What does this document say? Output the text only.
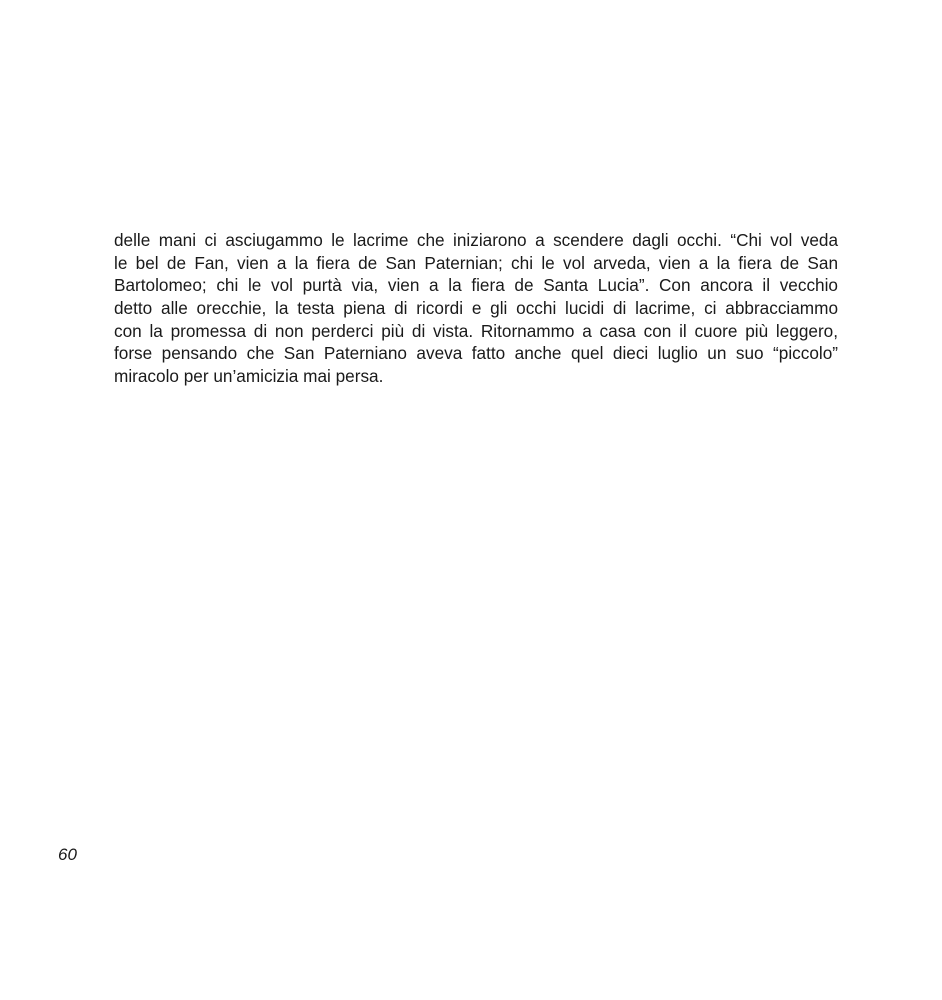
delle mani ci asciugammo le lacrime che iniziarono a scendere dagli occhi. “Chi vol veda
le bel de Fan, vien a la fiera de San Paternian; chi le vol arveda, vien a la fiera de San
Bartolomeo; chi le vol purtà via, vien a la fiera de Santa Lucia”. Con ancora il vecchio
detto alle orecchie, la testa piena di ricordi e gli occhi lucidi di lacrime, ci abbracciammo
con la promessa di non perderci più di vista. Ritornammo a casa con il cuore più leggero,
forse pensando che San Paterniano aveva fatto anche quel dieci luglio un suo “piccolo”
miracolo per un’amicizia mai persa.

60
